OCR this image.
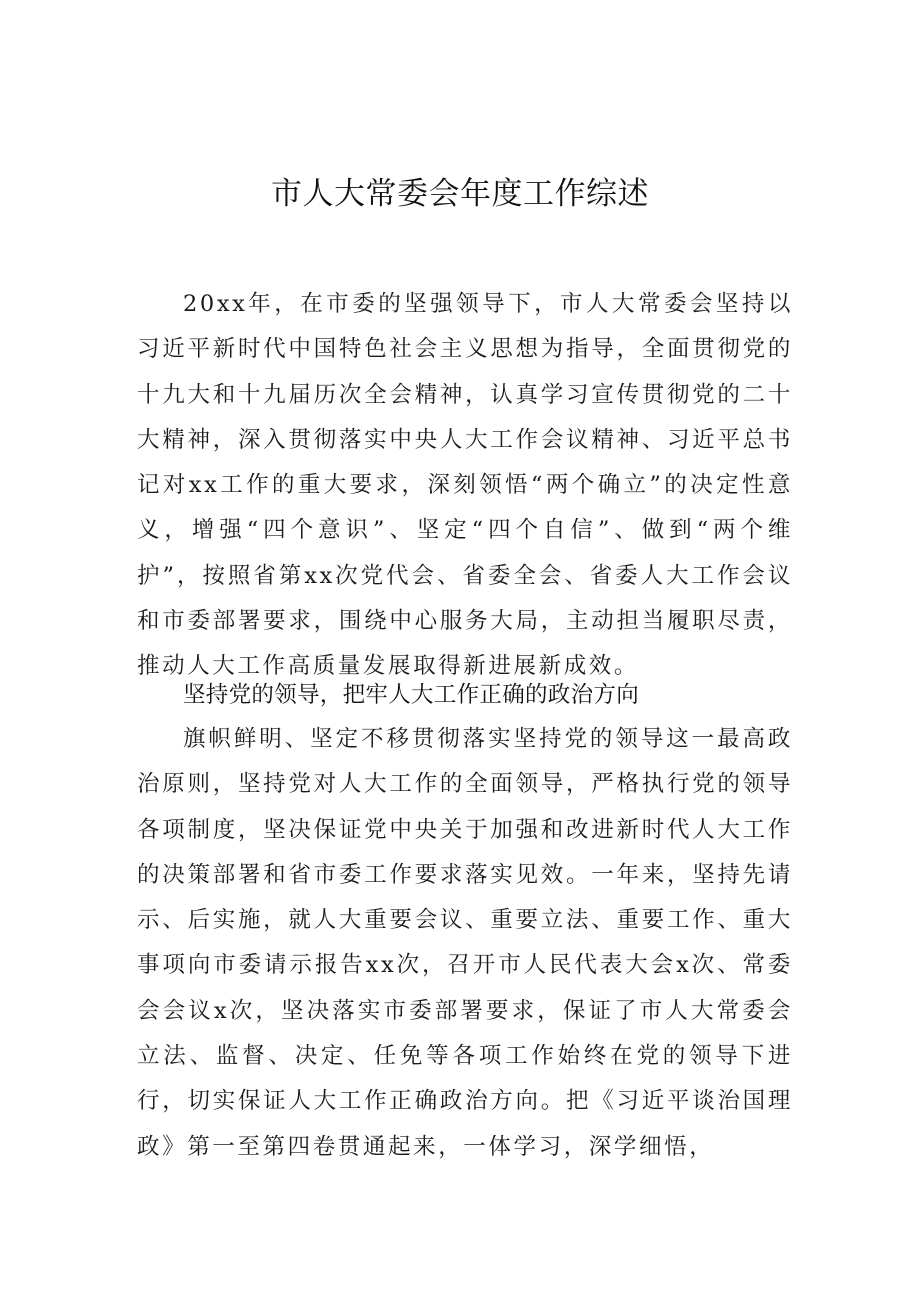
市人大常委会年度工作综述

20xx年，在市委的坚强领导下，市人大常委会坚持以习近平新时代中国特色社会主义思想为指导，全面贯彻党的十九大和十九届历次全会精神，认真学习宣传贯彻党的二十大精神，深入贯彻落实中央人大工作会议精神、习近平总书记对xx工作的重大要求，深刻领悟“两个确立”的决定性意义，增强“四个意识”、坚定“四个自信”、做到“两个维护”，按照省第xx次党代会、省委全会、省委人大工作会议和市委部署要求，围绕中心服务大局，主动担当履职尽责，推动人大工作高质量发展取得新进展新成效。

坚持党的领导，把牢人大工作正确的政治方向

旗帜鲜明、坚定不移贯彻落实坚持党的领导这一最高政治原则，坚持党对人大工作的全面领导，严格执行党的领导各项制度，坚决保证党中央关于加强和改进新时代人大工作的决策部署和省市委工作要求落实见效。一年来，坚持先请示、后实施，就人大重要会议、重要立法、重要工作、重大事项向市委请示报告xx次，召开市人民代表大会x次、常委会会议x次，坚决落实市委部署要求，保证了市人大常委会立法、监督、决定、任免等各项工作始终在党的领导下进行，切实保证人大工作正确政治方向。把《习近平谈治国理政》第一至第四卷贯通起来，一体学习，深学细悟，
